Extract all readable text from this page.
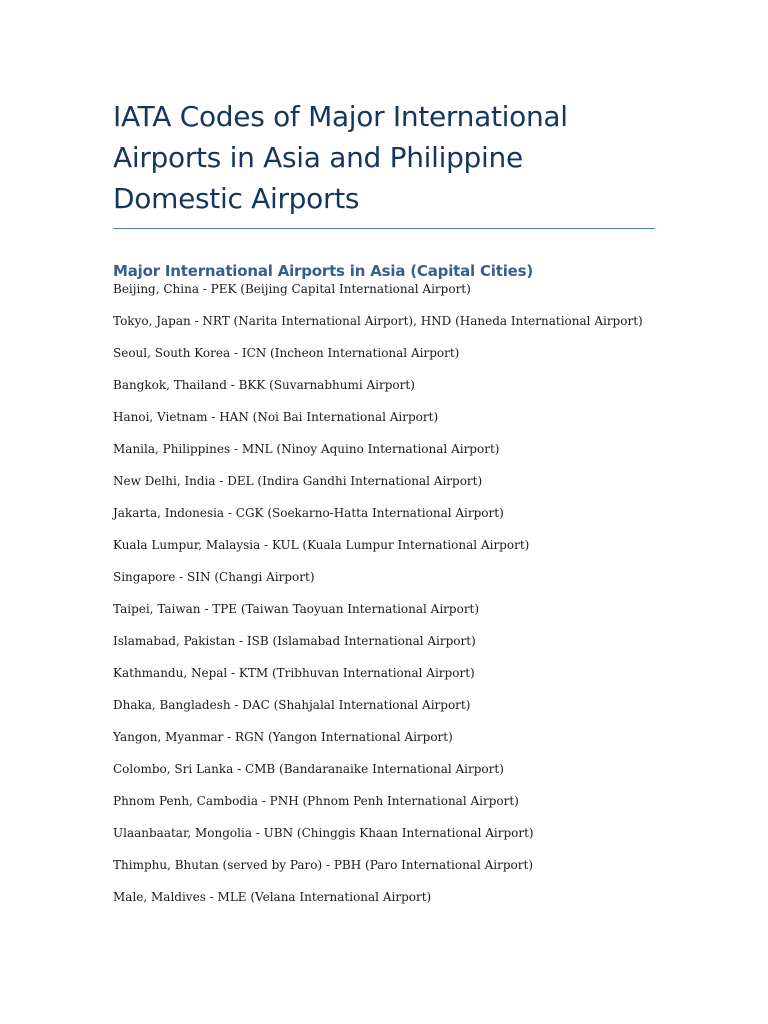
IATA Codes of Major International Airports in Asia and Philippine Domestic Airports
Major International Airports in Asia (Capital Cities)
Beijing, China - PEK (Beijing Capital International Airport)
Tokyo, Japan - NRT (Narita International Airport), HND (Haneda International Airport)
Seoul, South Korea - ICN (Incheon International Airport)
Bangkok, Thailand - BKK (Suvarnabhumi Airport)
Hanoi, Vietnam - HAN (Noi Bai International Airport)
Manila, Philippines - MNL (Ninoy Aquino International Airport)
New Delhi, India - DEL (Indira Gandhi International Airport)
Jakarta, Indonesia - CGK (Soekarno-Hatta International Airport)
Kuala Lumpur, Malaysia - KUL (Kuala Lumpur International Airport)
Singapore - SIN (Changi Airport)
Taipei, Taiwan - TPE (Taiwan Taoyuan International Airport)
Islamabad, Pakistan - ISB (Islamabad International Airport)
Kathmandu, Nepal - KTM (Tribhuvan International Airport)
Dhaka, Bangladesh - DAC (Shahjalal International Airport)
Yangon, Myanmar - RGN (Yangon International Airport)
Colombo, Sri Lanka - CMB (Bandaranaike International Airport)
Phnom Penh, Cambodia - PNH (Phnom Penh International Airport)
Ulaanbaatar, Mongolia - UBN (Chinggis Khaan International Airport)
Thimphu, Bhutan (served by Paro) - PBH (Paro International Airport)
Male, Maldives - MLE (Velana International Airport)
